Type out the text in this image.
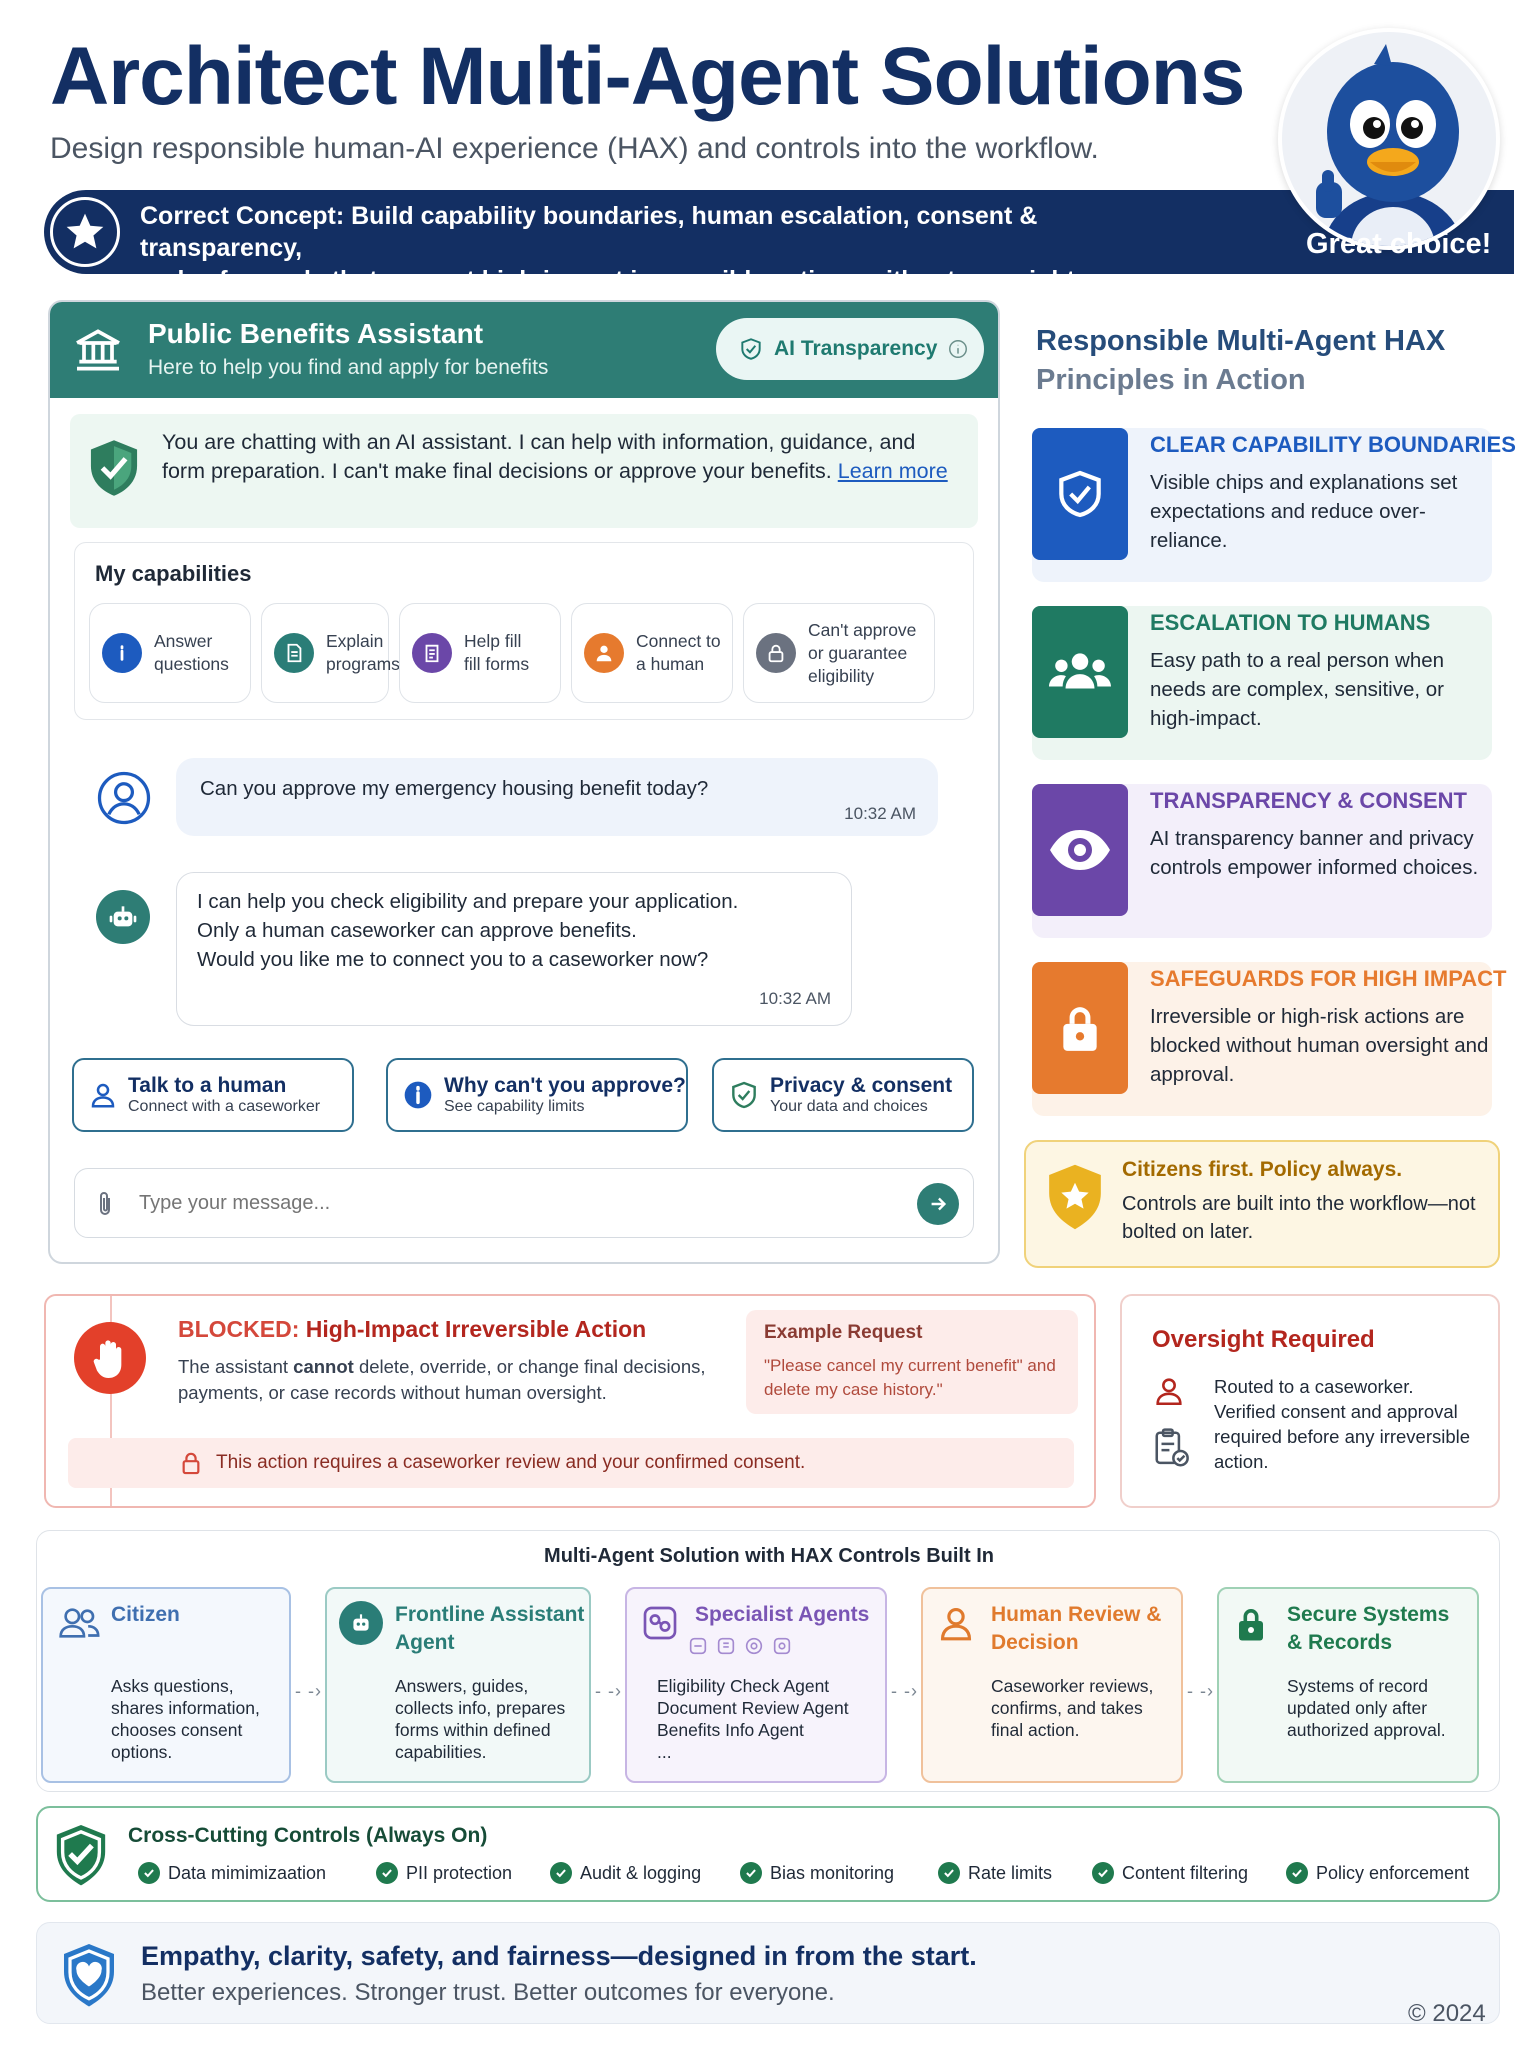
Architect Multi-Agent Solutions
Design responsible human-AI experience (HAX) and controls into the workflow.
Correct Concept: Build capability boundaries, human escalation, consent & transparency,
and safeguards that prevent high-impact irreversible actions without oversight.
Great choice!
Public Benefits Assistant
Here to help you find and apply for benefits
AI Transparency
You are chatting with an AI assistant. I can help with information, guidance, and form preparation. I can't make final decisions or approve your benefits. Learn more
My capabilities
Answer
questions
Explain
programs
Help fill
fill forms
Connect to
a human
Can't approve
or guarantee
eligibility
Can you approve my emergency housing benefit today?
10:32 AM
I can help you check eligibility and prepare your application.
Only a human caseworker can approve benefits.
Would you like me to connect you to a caseworker now?
10:32 AM
Talk to a human
Connect with a caseworker
Why can't you approve?
See capability limits
Privacy & consent
Your data and choices
Type your message...
Responsible Multi-Agent HAX
Principles in Action
CLEAR CAPABILITY BOUNDARIES
Visible chips and explanations set expectations and reduce over-reliance.
ESCALATION TO HUMANS
Easy path to a real person when needs are complex, sensitive, or high-impact.
TRANSPARENCY & CONSENT
AI transparency banner and privacy controls empower informed choices.
SAFEGUARDS FOR HIGH IMPACT
Irreversible or high-risk actions are blocked without human oversight and approval.
Citizens first. Policy always.
Controls are built into the workflow—not bolted on later.
BLOCKED: High-Impact Irreversible Action
The assistant cannot delete, override, or change final decisions, payments, or case records without human oversight.
Example Request
"Please cancel my current benefit" and delete my case history."
This action requires a caseworker review and your confirmed consent.
Oversight Required
Routed to a caseworker.
Verified consent and approval required before any irreversible action.
Multi-Agent Solution with HAX Controls Built In
Citizen
Asks questions, shares information, chooses consent options.
- -›
Frontline Assistant Agent
Answers, guides, collects info, prepares forms within defined capabilities.
- -›
Specialist Agents
Eligibility Check Agent
Document Review Agent
Benefits Info Agent
...
- -›
Human Review & Decision
Caseworker reviews, confirms, and takes final action.
- -›
Secure Systems & Records
Systems of record updated only after authorized approval.
Cross-Cutting Controls (Always On)
Data mimimizaation	PII protection	Audit & logging	Bias monitoring	Rate limits	Content filtering	Policy enforcement
Empathy, clarity, safety, and fairness—designed in from the start.
Better experiences. Stronger trust. Better outcomes for everyone.
© 2024
